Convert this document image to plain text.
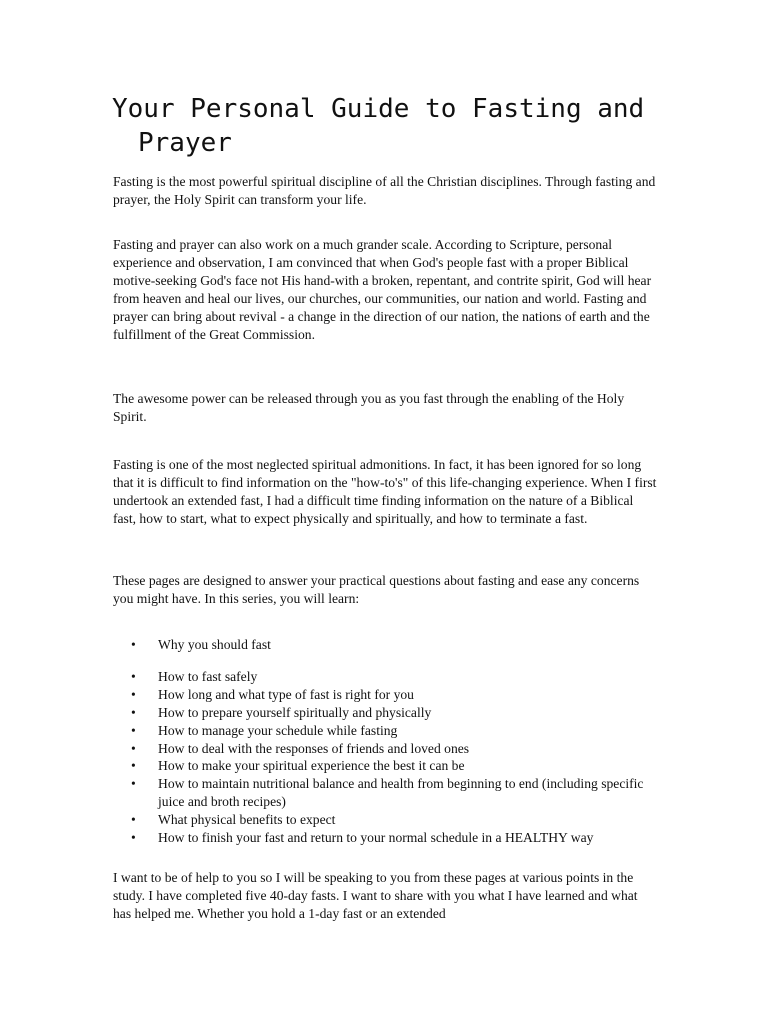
Your Personal Guide to Fasting and
Prayer

Fasting is the most powerful spiritual discipline of all the Christian disciplines. Through fasting and prayer, the Holy Spirit can transform your life.

Fasting and prayer can also work on a much grander scale. According to Scripture, personal experience and observation, I am convinced that when God's people fast with a proper Biblical motive-seeking God's face not His hand-with a broken, repentant, and contrite spirit, God will hear from heaven and heal our lives, our churches, our communities, our nation and world. Fasting and prayer can bring about revival - a change in the direction of our nation, the nations of earth and the fulfillment of the Great Commission.

The awesome power can be released through you as you fast through the enabling of the Holy Spirit.

Fasting is one of the most neglected spiritual admonitions. In fact, it has been ignored for so long that it is difficult to find information on the "how-to's" of this life-changing experience. When I first undertook an extended fast, I had a difficult time finding information on the nature of a Biblical fast, how to start, what to expect physically and spiritually, and how to terminate a fast.

These pages are designed to answer your practical questions about fasting and ease any concerns you might have. In this series, you will learn:

• Why you should fast
• How to fast safely
• How long and what type of fast is right for you
• How to prepare yourself spiritually and physically
• How to manage your schedule while fasting
• How to deal with the responses of friends and loved ones
• How to make your spiritual experience the best it can be
• How to maintain nutritional balance and health from beginning to end (including specific juice and broth recipes)
• What physical benefits to expect
• How to finish your fast and return to your normal schedule in a HEALTHY way

I want to be of help to you so I will be speaking to you from these pages at various points in the study. I have completed five 40-day fasts. I want to share with you what I have learned and what has helped me. Whether you hold a 1-day fast or an extended
